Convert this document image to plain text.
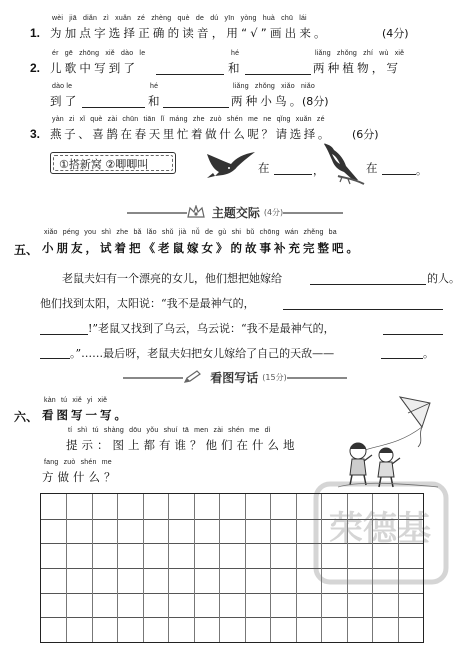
wèi jiā diǎn zì xuǎn zé zhèng què de dú yīn yòng huà chū lái
1. 为加点字选择正确的读音，用“√”画出来。	(4分)
ér gē zhōng xiě dào le	hé	liǎng zhǒng zhí wù xiě
2. 儿歌中写到了	和	两种植物，写
dào le	hé	liǎng zhǒng xiǎo niǎo
到了	和	两种小鸟。
(8分)
yàn zi xǐ què zài chūn tiān lǐ máng zhe zuò shén me ne qǐng xuǎn zé
3. 燕子、喜鹊在春天里忙着做什么呢？请选择。 (6分)
①搭新窝 ②唧唧叫	在	，	在	。
主题交际 (4分)
xiǎo péng you shì zhe bǎ lǎo shǔ jià nǚ de gù shi bǔ chōng wán zhěng ba
五、 小朋友，试着把《老鼠嫁女》的故事补充完整吧。
老鼠夫妇有一个漂亮的女儿，他们想把她嫁给	的人。
他们找到太阳，太阳说：“我不是最神气的，
!”老鼠又找到了乌云，乌云说：“我不是最神气的，
。”……最后呀，老鼠夫妇把女儿嫁给了自己的天敌——	。
看图写话 (15分)
kàn tú xiě yi xiě
六、 看图写一写。
tí shì tú shàng dōu yǒu shuí tā men zài shén me dì
提示：图上都有谁？他们在什么地
fang zuò shén me
方做什么？
荣德基
